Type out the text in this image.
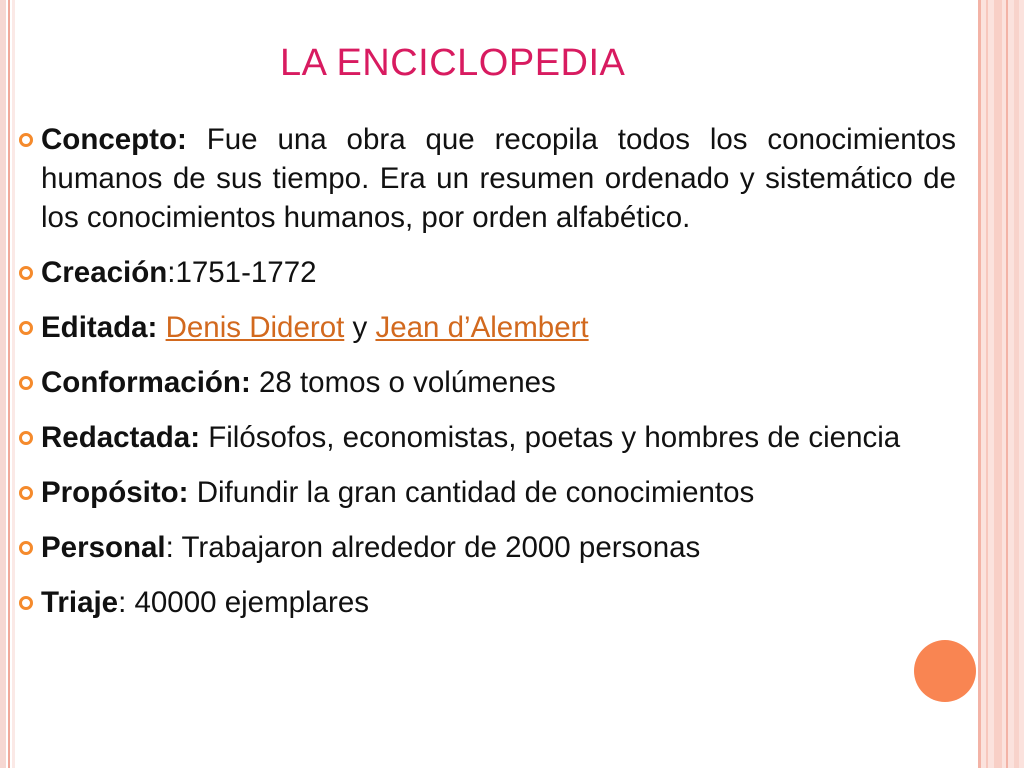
LA ENCICLOPEDIA
Concepto: Fue una obra que recopila todos los conocimientos humanos de sus tiempo. Era un resumen ordenado y sistemático de los conocimientos humanos, por orden alfabético.
Creación:1751-1772
Editada: Denis Diderot y Jean d’Alembert
Conformación: 28 tomos o volúmenes
Redactada: Filósofos, economistas, poetas y hombres de ciencia
Propósito: Difundir la gran cantidad de conocimientos
Personal: Trabajaron alrededor de 2000 personas
Triaje: 40000 ejemplares
